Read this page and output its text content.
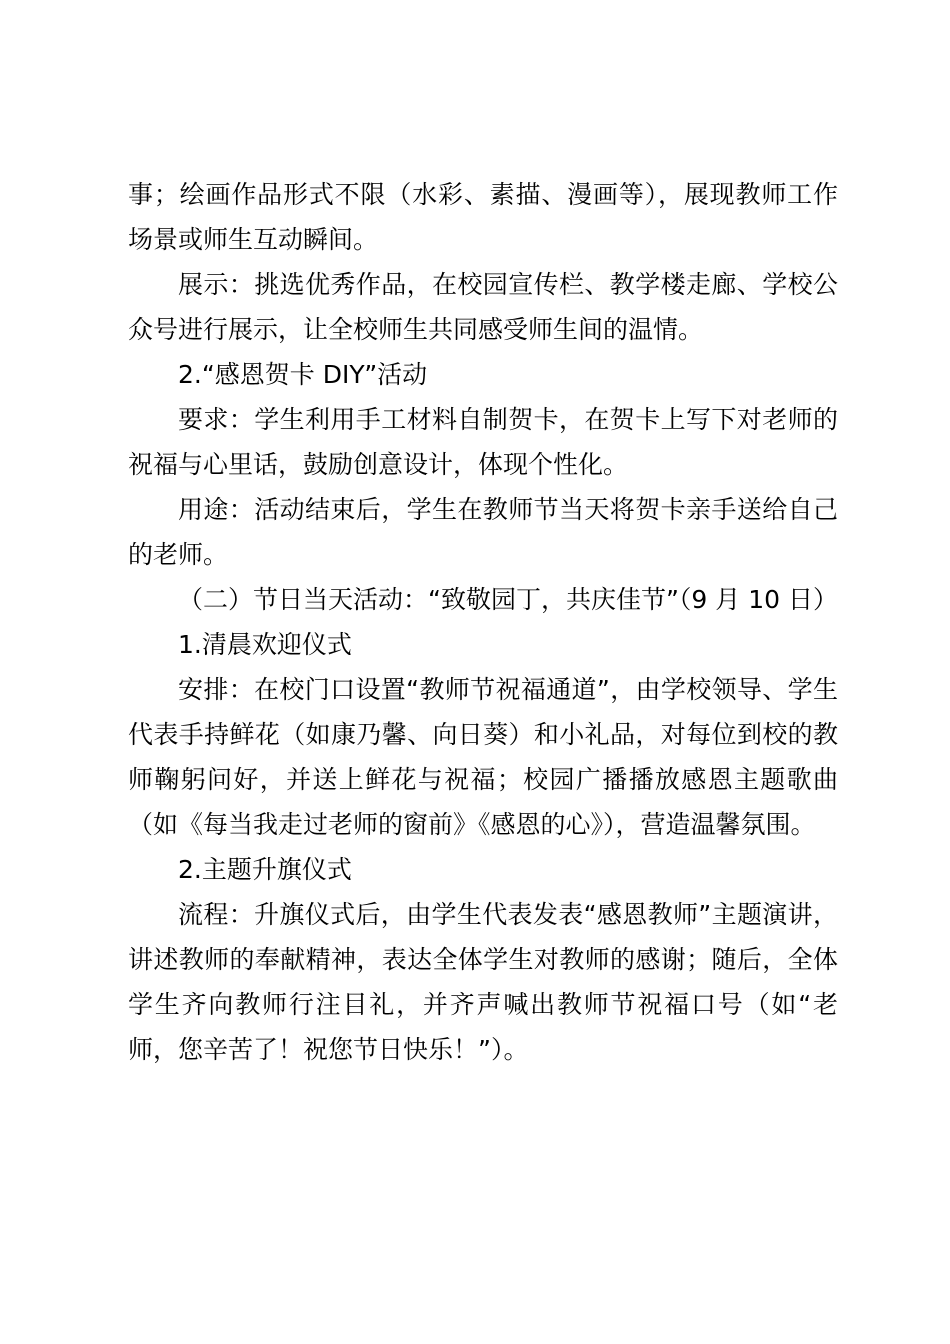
事；绘画作品形式不限（水彩、素描、漫画等），展现教师工作场景或师生互动瞬间。

展示：挑选优秀作品，在校园宣传栏、教学楼走廊、学校公众号进行展示，让全校师生共同感受师生间的温情。

2.“感恩贺卡 DIY”活动

要求：学生利用手工材料自制贺卡，在贺卡上写下对老师的祝福与心里话，鼓励创意设计，体现个性化。

用途：活动结束后，学生在教师节当天将贺卡亲手送给自己的老师。

（二）节日当天活动：“致敬园丁，共庆佳节”（9 月 10 日）

1.清晨欢迎仪式

安排：在校门口设置“教师节祝福通道”，由学校领导、学生代表手持鲜花（如康乃馨、向日葵）和小礼品，对每位到校的教师鞠躬问好，并送上鲜花与祝福；校园广播播放感恩主题歌曲（如《每当我走过老师的窗前》《感恩的心》），营造温馨氛围。

2.主题升旗仪式

流程：升旗仪式后，由学生代表发表“感恩教师”主题演讲，讲述教师的奉献精神，表达全体学生对教师的感谢；随后，全体学生齐向教师行注目礼，并齐声喊出教师节祝福口号（如“老师，您辛苦了！祝您节日快乐！”）。
